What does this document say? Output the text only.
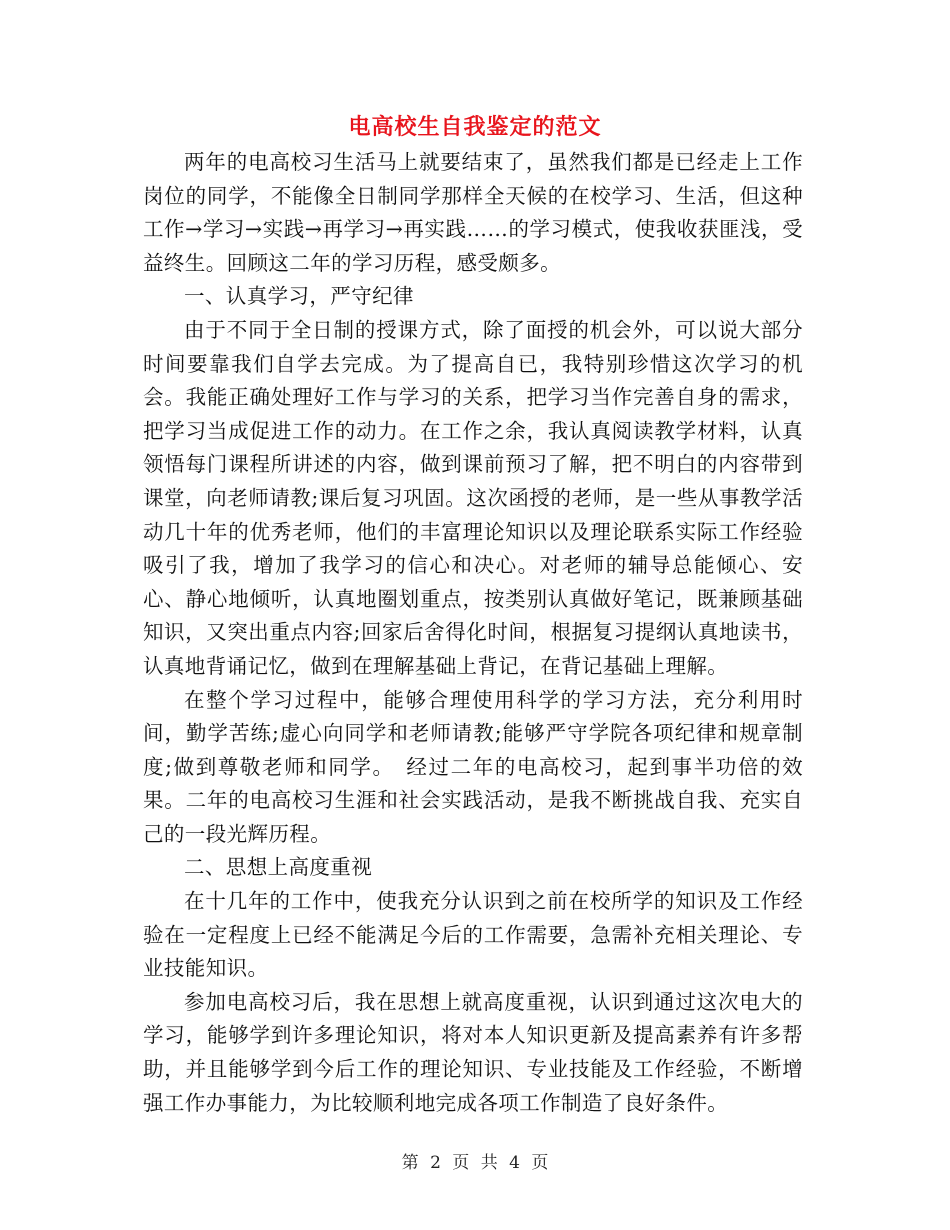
电高校生自我鉴定的范文

两年的电高校习生活马上就要结束了，虽然我们都是已经走上工作岗位的同学，不能像全日制同学那样全天候的在校学习、生活，但这种工作→学习→实践→再学习→再实践……的学习模式，使我收获匪浅，受益终生。回顾这二年的学习历程，感受颇多。

一、认真学习，严守纪律

由于不同于全日制的授课方式，除了面授的机会外，可以说大部分时间要靠我们自学去完成。为了提高自已，我特别珍惜这次学习的机会。我能正确处理好工作与学习的关系，把学习当作完善自身的需求，把学习当成促进工作的动力。在工作之余，我认真阅读教学材料，认真领悟每门课程所讲述的内容，做到课前预习了解，把不明白的内容带到课堂，向老师请教;课后复习巩固。这次函授的老师，是一些从事教学活动几十年的优秀老师，他们的丰富理论知识以及理论联系实际工作经验吸引了我，增加了我学习的信心和决心。对老师的辅导总能倾心、安心、静心地倾听，认真地圈划重点，按类别认真做好笔记，既兼顾基础知识，又突出重点内容;回家后舍得化时间，根据复习提纲认真地读书，认真地背诵记忆，做到在理解基础上背记，在背记基础上理解。

在整个学习过程中，能够合理使用科学的学习方法，充分利用时间，勤学苦练;虚心向同学和老师请教;能够严守学院各项纪律和规章制度;做到尊敬老师和同学。　经过二年的电高校习，起到事半功倍的效果。二年的电高校习生涯和社会实践活动，是我不断挑战自我、充实自己的一段光辉历程。

二、思想上高度重视

在十几年的工作中，使我充分认识到之前在校所学的知识及工作经验在一定程度上已经不能满足今后的工作需要，急需补充相关理论、专业技能知识。

参加电高校习后，我在思想上就高度重视，认识到通过这次电大的学习，能够学到许多理论知识，将对本人知识更新及提高素养有许多帮助，并且能够学到今后工作的理论知识、专业技能及工作经验，不断增强工作办事能力，为比较顺利地完成各项工作制造了良好条件。

第 2 页 共 4 页
